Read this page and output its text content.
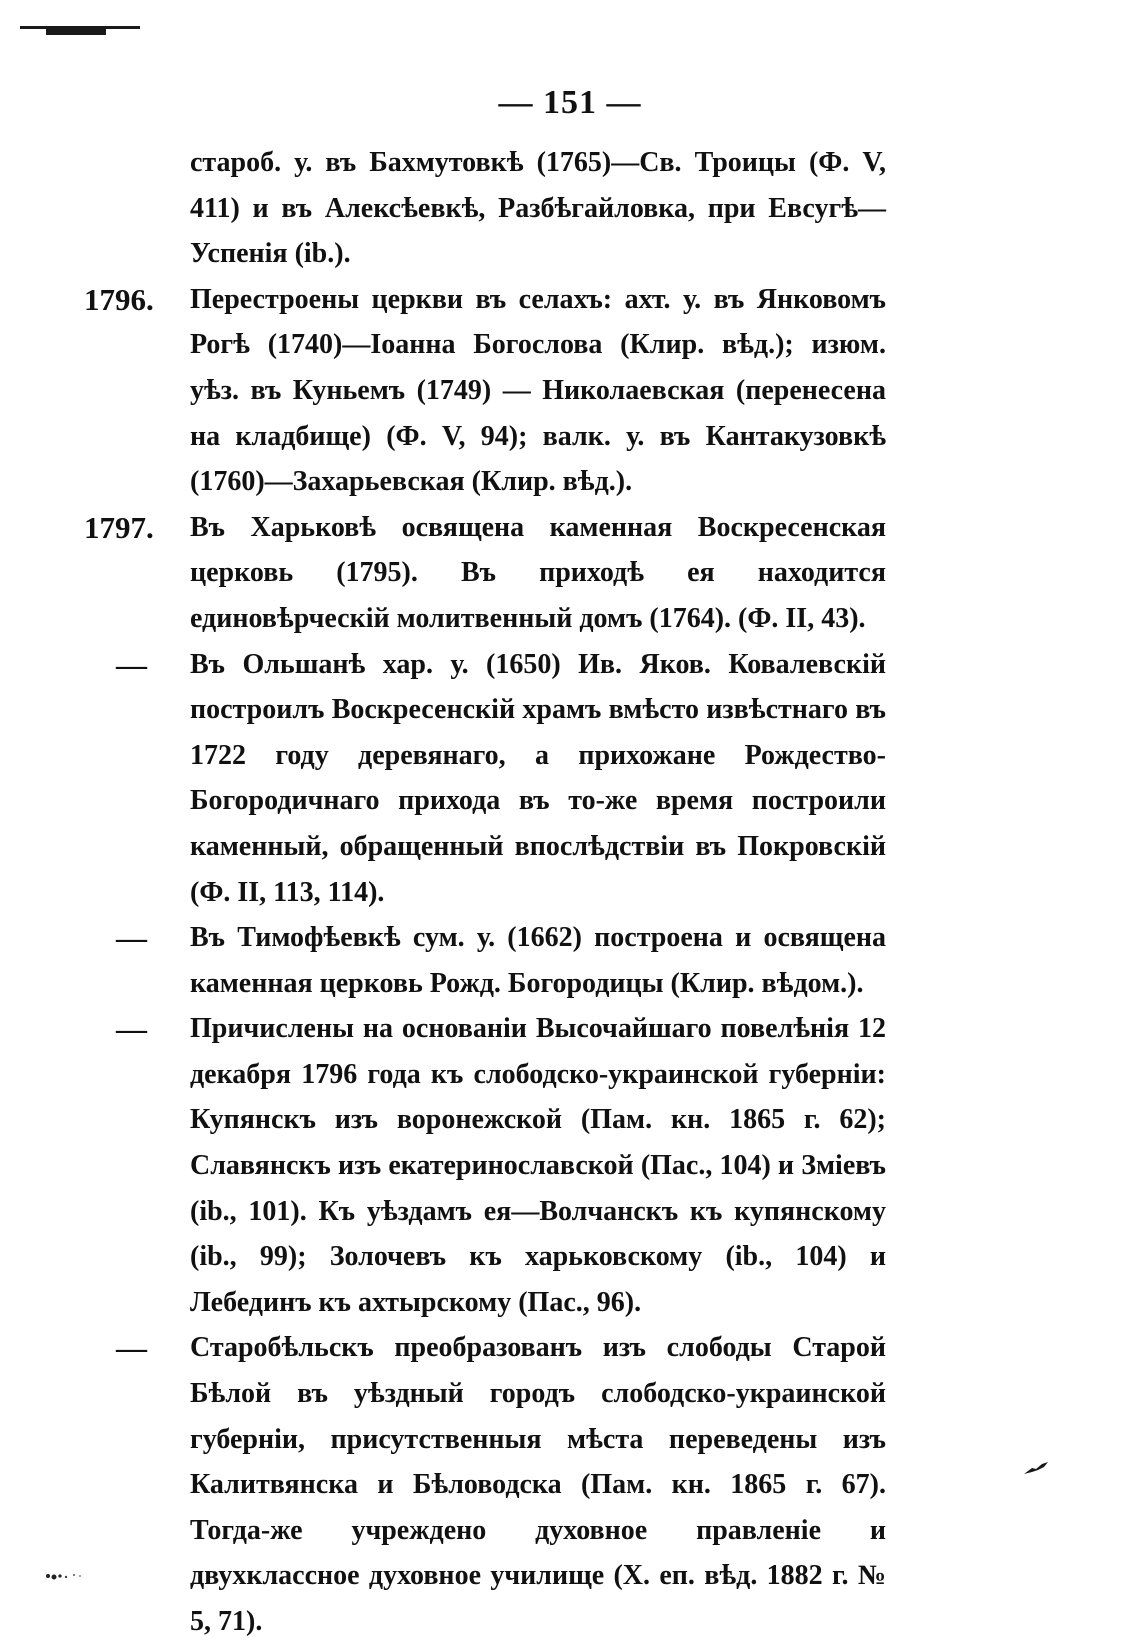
— 151 —
староб. у. въ Бахмутовкѣ (1765)—Св. Троицы (Ф. V, 411) и въ Алексѣевкѣ, Разбѣгайловка, при Евсугѣ—Успенія (ib.).
1796.	Перестроены церкви въ селахъ: ахт. у. въ Янковомъ Рогѣ (1740)—Іоанна Богослова (Клир. вѣд.); изюм. уѣз. въ Куньемъ (1749) — Николаевская (перенесена на кладбище) (Ф. V, 94); валк. у. въ Кантакузовкѣ (1760)—Захарьевская (Клир. вѣд.).
1797.	Въ Харьковѣ освящена каменная Воскресенская церковь (1795). Въ приходѣ ея находится единовѣрческій молитвенный домъ (1764). (Ф. II, 43).
—	Въ Ольшанѣ хар. у. (1650) Ив. Яков. Ковалевскій построилъ Воскресенскій храмъ вмѣсто извѣстнаго въ 1722 году деревянаго, а прихожане Рождество-Богородичнаго прихода въ то-же время построили каменный, обращенный впослѣдствіи въ Покровскій (Ф. II, 113, 114).
—	Въ Тимофѣевкѣ сум. у. (1662) построена и освящена каменная церковь Рожд. Богородицы (Клир. вѣдом.).
—	Причислены на основаніи Высочайшаго повелѣнія 12 декабря 1796 года къ слободско-украинской губерніи: Купянскъ изъ воронежской (Пам. кн. 1865 г. 62); Славянскъ изъ екатеринославской (Пас., 104) и Зміевъ (ib., 101). Къ уѣздамъ ея—Волчанскъ къ купянскому (ib., 99); Золочевъ къ харьковскому (ib., 104) и Лебединъ къ ахтырскому (Пас., 96).
—	Старобѣльскъ преобразованъ изъ слободы Старой Бѣлой въ уѣздный городъ слободско-украинской губерніи, присутственныя мѣста переведены изъ Калитвянска и Бѣловодска (Пам. кн. 1865 г. 67). Тогда-же учреждено духовное правленіе и двухклассное духовное училище (Х. еп. вѣд. 1882 г. № 5, 71).
